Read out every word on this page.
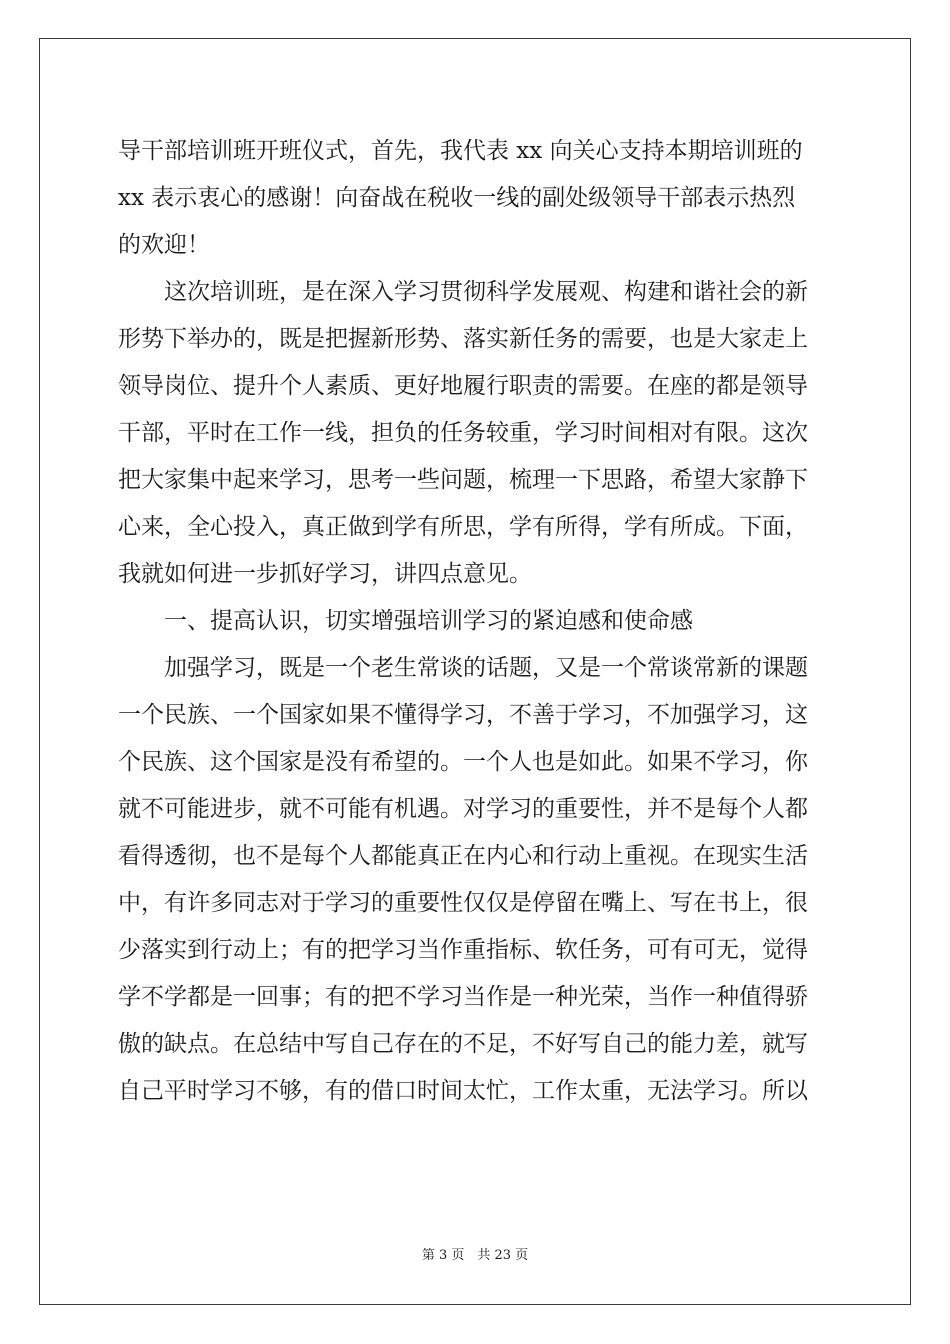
导干部培训班开班仪式，首先，我代表 xx 向关心支持本期培训班的
xx 表示衷心的感谢！向奋战在税收一线的副处级领导干部表示热烈
的欢迎！
　　这次培训班，是在深入学习贯彻科学发展观、构建和谐社会的新
形势下举办的，既是把握新形势、落实新任务的需要，也是大家走上
领导岗位、提升个人素质、更好地履行职责的需要。在座的都是领导
干部，平时在工作一线，担负的任务较重，学习时间相对有限。这次
把大家集中起来学习，思考一些问题，梳理一下思路，希望大家静下
心来，全心投入，真正做到学有所思，学有所得，学有所成。下面，
我就如何进一步抓好学习，讲四点意见。
　　一、提高认识，切实增强培训学习的紧迫感和使命感
　　加强学习，既是一个老生常谈的话题，又是一个常谈常新的课题
一个民族、一个国家如果不懂得学习，不善于学习，不加强学习，这
个民族、这个国家是没有希望的。一个人也是如此。如果不学习，你
就不可能进步，就不可能有机遇。对学习的重要性，并不是每个人都
看得透彻，也不是每个人都能真正在内心和行动上重视。在现实生活
中，有许多同志对于学习的重要性仅仅是停留在嘴上、写在书上，很
少落实到行动上；有的把学习当作重指标、软任务，可有可无，觉得
学不学都是一回事；有的把不学习当作是一种光荣，当作一种值得骄
傲的缺点。在总结中写自己存在的不足，不好写自己的能力差，就写
自己平时学习不够，有的借口时间太忙，工作太重，无法学习。所以
第 3 页　共 23 页
